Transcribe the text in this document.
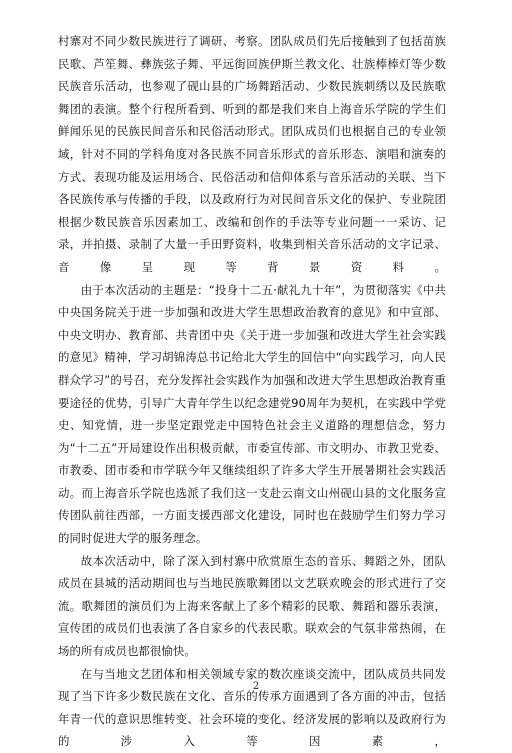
村寨对不同少数民族进行了调研、考察。团队成员们先后接触到了包括苗族民歌、芦笙舞、彝族弦子舞、平远街回族伊斯兰教文化、壮族棒棒灯等少数民族音乐活动，也参观了砚山县的广场舞蹈活动、少数民族刺绣以及民族歌舞团的表演。整个行程所看到、听到的都是我们来自上海音乐学院的学生们鲜闻乐见的民族民间音乐和民俗活动形式。团队成员们也根据自己的专业领域，针对不同的学科角度对各民族不同音乐形式的音乐形态、演唱和演奏的方式、表现功能及运用场合、民俗活动和信仰体系与音乐活动的关联、当下各民族传承与传播的手段，以及政府行为对民间音乐文化的保护、专业院团根据少数民族音乐因素加工、改编和创作的手法等专业问题一一采访、记录，并拍摄、录制了大量一手田野资料，收集到相关音乐活动的文字记录、音像呈现等背景资料。

由于本次活动的主题是：“投身十二五·献礼九十年”，为贯彻落实《中共中央国务院关于进一步加强和改进大学生思想政治教育的意见》和中宣部、中央文明办、教育部、共青团中央《关于进一步加强和改进大学生社会实践的意见》精神，学习胡锦涛总书记给北大学生的回信中“向实践学习，向人民群众学习”的号召，充分发挥社会实践作为加强和改进大学生思想政治教育重要途径的优势，引导广大青年学生以纪念建党90周年为契机，在实践中学党史、知党情，进一步坚定跟党走中国特色社会主义道路的理想信念，努力为“十二五”开局建设作出积极贡献，市委宣传部、市文明办、市教卫党委、市教委、团市委和市学联今年又继续组织了许多大学生开展暑期社会实践活动。而上海音乐学院也选派了我们这一支赴云南文山州砚山县的文化服务宣传团队前往西部，一方面支援西部文化建设，同时也在鼓励学生们努力学习的同时促进大学的服务理念。

故本次活动中，除了深入到村寨中欣赏原生态的音乐、舞蹈之外，团队成员在县城的活动期间也与当地民族歌舞团以文艺联欢晚会的形式进行了交流。歌舞团的演员们为上海来客献上了多个精彩的民歌、舞蹈和器乐表演，宣传团的成员们也表演了各自家乡的代表民歌。联欢会的气氛非常热闹，在场的所有成员也都很愉快。

在与当地文艺团体和相关领域专家的数次座谈交流中，团队成员共同发现了当下许多少数民族在文化、音乐的传承方面遇到了各方面的冲击，包括年青一代的意识思维转变、社会环境的变化、经济发展的影响以及政府行为的涉入等因素，

2
